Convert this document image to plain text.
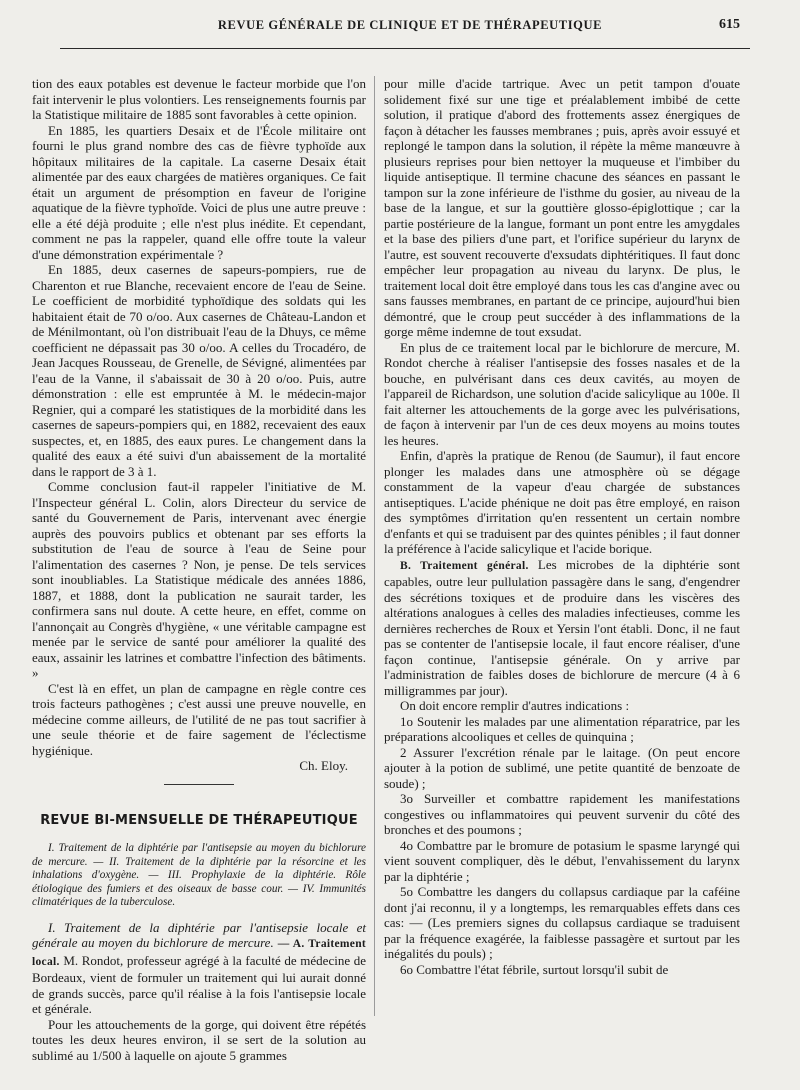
REVUE GÉNÉRALE DE CLINIQUE ET DE THÉRAPEUTIQUE	615

tion des eaux potables est devenue le facteur morbide que l'on fait intervenir le plus volontiers. Les renseignements fournis par la Statistique militaire de 1885 sont favorables à cette opinion.

En 1885, les quartiers Desaix et de l'École militaire ont fourni le plus grand nombre des cas de fièvre typhoïde aux hôpitaux militaires de la capitale. La caserne Desaix était alimentée par des eaux chargées de matières organiques. Ce fait était un argument de présomption en faveur de l'origine aquatique de la fièvre typhoïde. Voici de plus une autre preuve : elle a été déjà produite ; elle n'est plus inédite. Et cependant, comment ne pas la rappeler, quand elle offre toute la valeur d'une démonstration expérimentale ?

En 1885, deux casernes de sapeurs-pompiers, rue de Charenton et rue Blanche, recevaient encore de l'eau de Seine. Le coefficient de morbidité typhoïdique des soldats qui les habitaient était de 70 o/oo. Aux casernes de Château-Landon et de Ménilmontant, où l'on distribuait l'eau de la Dhuys, ce même coefficient ne dépassait pas 30 o/oo. A celles du Trocadéro, de Jean Jacques Rousseau, de Grenelle, de Sévigné, alimentées par l'eau de la Vanne, il s'abaissait de 30 à 20 o/oo. Puis, autre démonstration : elle est empruntée à M. le médecin-major Regnier, qui a comparé les statistiques de la morbidité dans les casernes de sapeurs-pompiers qui, en 1882, recevaient des eaux suspectes, et, en 1885, des eaux pures. Le changement dans la qualité des eaux a été suivi d'un abaissement de la mortalité dans le rapport de 3 à 1.

Comme conclusion faut-il rappeler l'initiative de M. l'Inspecteur général L. Colin, alors Directeur du service de santé du Gouvernement de Paris, intervenant avec énergie auprès des pouvoirs publics et obtenant par ses efforts la substitution de l'eau de source à l'eau de Seine pour l'alimentation des casernes ? Non, je pense. De tels services sont inoubliables. La Statistique médicale des années 1886, 1887, et 1888, dont la publication ne saurait tarder, les confirmera sans nul doute. A cette heure, en effet, comme on l'annonçait au Congrès d'hygiène, « une véritable campagne est menée par le service de santé pour améliorer la qualité des eaux, assainir les latrines et combattre l'infection des bâtiments. »

C'est là en effet, un plan de campagne en règle contre ces trois facteurs pathogènes ; c'est aussi une preuve nouvelle, en médecine comme ailleurs, de l'utilité de ne pas tout sacrifier à une seule théorie et de faire sagement de l'éclectisme hygiénique.

Ch. Eloy.

REVUE BI-MENSUELLE DE THÉRAPEUTIQUE

I. Traitement de la diphtérie par l'antisepsie au moyen du bichlorure de mercure. — II. Traitement de la diphtérie par la résorcine et les inhalations d'oxygène. — III. Prophylaxie de la diphtérie. Rôle étiologique des fumiers et des oiseaux de basse cour. — IV. Immunités climatériques de la tuberculose.

I. Traitement de la diphtérie par l'antisepsie locale et générale au moyen du bichlorure de mercure. — A. Traitement local. M. Rondot, professeur agrégé à la faculté de médecine de Bordeaux, vient de formuler un traitement qui lui aurait donné de grands succès, parce qu'il réalise à la fois l'antisepsie locale et générale.

Pour les attouchements de la gorge, qui doivent être répétés toutes les deux heures environ, il se sert de la solution au sublimé au 1/500 à laquelle on ajoute 5 grammes

pour mille d'acide tartrique. Avec un petit tampon d'ouate solidement fixé sur une tige et préalablement imbibé de cette solution, il pratique d'abord des frottements assez énergiques de façon à détacher les fausses membranes ; puis, après avoir essuyé et replongé le tampon dans la solution, il répète la même manœuvre à plusieurs reprises pour bien nettoyer la muqueuse et l'imbiber du liquide antiseptique. Il termine chacune des séances en passant le tampon sur la zone inférieure de l'isthme du gosier, au niveau de la base de la langue, et sur la gouttière glosso-épiglottique ; car la partie postérieure de la langue, formant un pont entre les amygdales et la base des piliers d'une part, et l'orifice supérieur du larynx de l'autre, est souvent recouverte d'exsudats diphtéritiques. Il faut donc empêcher leur propagation au niveau du larynx. De plus, le traitement local doit être employé dans tous les cas d'angine avec ou sans fausses membranes, en partant de ce principe, aujourd'hui bien démontré, que le croup peut succéder à des inflammations de la gorge même indemne de tout exsudat.

En plus de ce traitement local par le bichlorure de mercure, M. Rondot cherche à réaliser l'antisepsie des fosses nasales et de la bouche, en pulvérisant dans ces deux cavités, au moyen de l'appareil de Richardson, une solution d'acide salicylique au 100e. Il fait alterner les attouchements de la gorge avec les pulvérisations, de façon à intervenir par l'un de ces deux moyens au moins toutes les heures.

Enfin, d'après la pratique de Renou (de Saumur), il faut encore plonger les malades dans une atmosphère où se dégage constamment de la vapeur d'eau chargée de substances antiseptiques. L'acide phénique ne doit pas être employé, en raison des symptômes d'irritation qu'en ressentent un certain nombre d'enfants et qui se traduisent par des quintes pénibles ; il faut donner la préférence à l'acide salicylique et l'acide borique.

B. Traitement général. Les microbes de la diphtérie sont capables, outre leur pullulation passagère dans le sang, d'engendrer des sécrétions toxiques et de produire dans les viscères des altérations analogues à celles des maladies infectieuses, comme les dernières recherches de Roux et Yersin l'ont établi. Donc, il ne faut pas se contenter de l'antisepsie locale, il faut encore réaliser, d'une façon continue, l'antisepsie générale. On y arrive par l'administration de faibles doses de bichlorure de mercure (4 à 6 milligrammes par jour).

On doit encore remplir d'autres indications :

1o Soutenir les malades par une alimentation réparatrice, par les préparations alcooliques et celles de quinquina ;

2 Assurer l'excrétion rénale par le laitage. (On peut encore ajouter à la potion de sublimé, une petite quantité de benzoate de soude) ;

3o Surveiller et combattre rapidement les manifestations congestives ou inflammatoires qui peuvent survenir du côté des bronches et des poumons ;

4o Combattre par le bromure de potasium le spasme laryngé qui vient souvent compliquer, dès le début, l'envahissement du larynx par la diphtérie ;

5o Combattre les dangers du collapsus cardiaque par la caféine dont j'ai reconnu, il y a longtemps, les remarquables effets dans ces cas: — (Les premiers signes du collapsus cardiaque se traduisent par la fréquence exagérée, la faiblesse passagère et surtout par les inégalités du pouls) ;

6o Combattre l'état fébrile, surtout lorsqu'il subit de
